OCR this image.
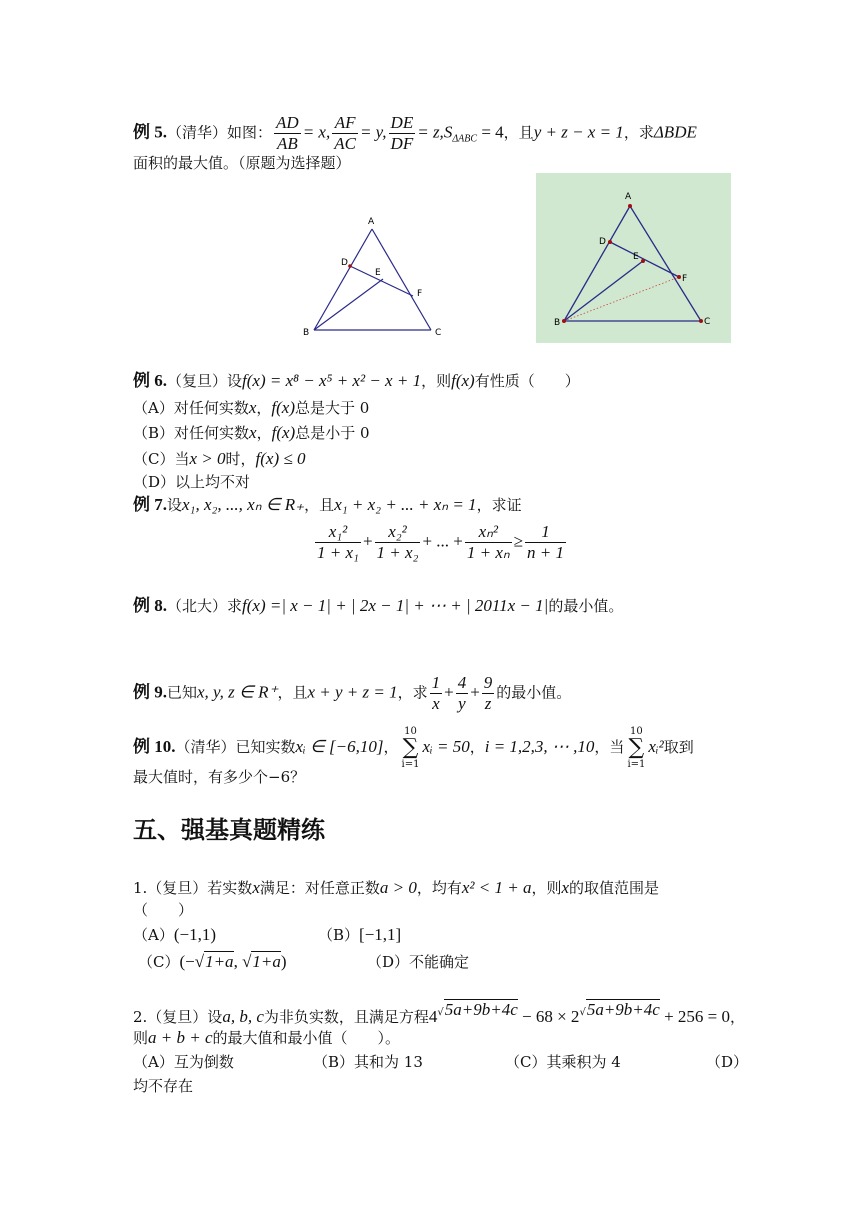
例 5.（清华）如图： $\frac{AD}{AB} = x$, $\frac{AF}{AC} = y$, $\frac{DE}{DF} = z,S_{\Delta ABC} = 4$，且y + z − x = 1，求ΔBDE
面积的最大值。（原题为选择题）
A
D
E
F
B	C
A
D
E
F
B	C
例 6.（复旦）设f(x) = x⁸ − x⁵ + x² − x + 1，则f(x)有性质（　　）
（A）对任何实数x，f(x)总是大于 0
（B）对任何实数x，f(x)总是小于 0
（C）当x > 0时，f(x) ≤ 0
（D）以上均不对
例 7.设x₁, x₂, ..., xₙ ∈ R₊，且x₁ + x₂ + ... + xₙ = 1，求证
$\frac{\text{x₁²}}{\text{1 + x₁}} + \frac{\text{x₂²}}{\text{1 + x₂}}$ + ... + $\frac{\text{xₙ²}}{\text{1 + xₙ}} \ge \frac{1}{n + 1}$
例 8.（北大）求f(x) =| x − 1| + | 2x − 1| + ⋯ + | 2011x − 1|的最小值。
例 9.已知x, y, z ∈ R⁺，且x + y + z = 1，求 $\frac{1}{x} + \frac{4}{y} + \frac{9}{z}$ 的最小值。
例 10.（清华）已知实数xᵢ ∈ [−6,10]，
10
∑
i=1
xᵢ = 50，i = 1,2,3, ⋯ ,10，当
10
∑
i=1
xᵢ²取到
最大值时，有多少个−6？
五、强基真题精练
1.（复旦）若实数x满足：对任意正数a > 0，均有x² < 1 + a，则x的取值范围是
（　　）
（A）(−1,1)	（B）[−1,1]
（C）(−√1+a, √1+a)	（D）不能确定
2.（复旦）设a, b, c为非负实数，且满足方程$4^{√5a+9b+4c} - 68 \times 2^{√5a+9b+4c} + 256 = 0$，
则a + b + c的最大值和最小值（　　）。
（A）互为倒数	（B）其和为 13	（C）其乘积为 4	（D）
均不存在
